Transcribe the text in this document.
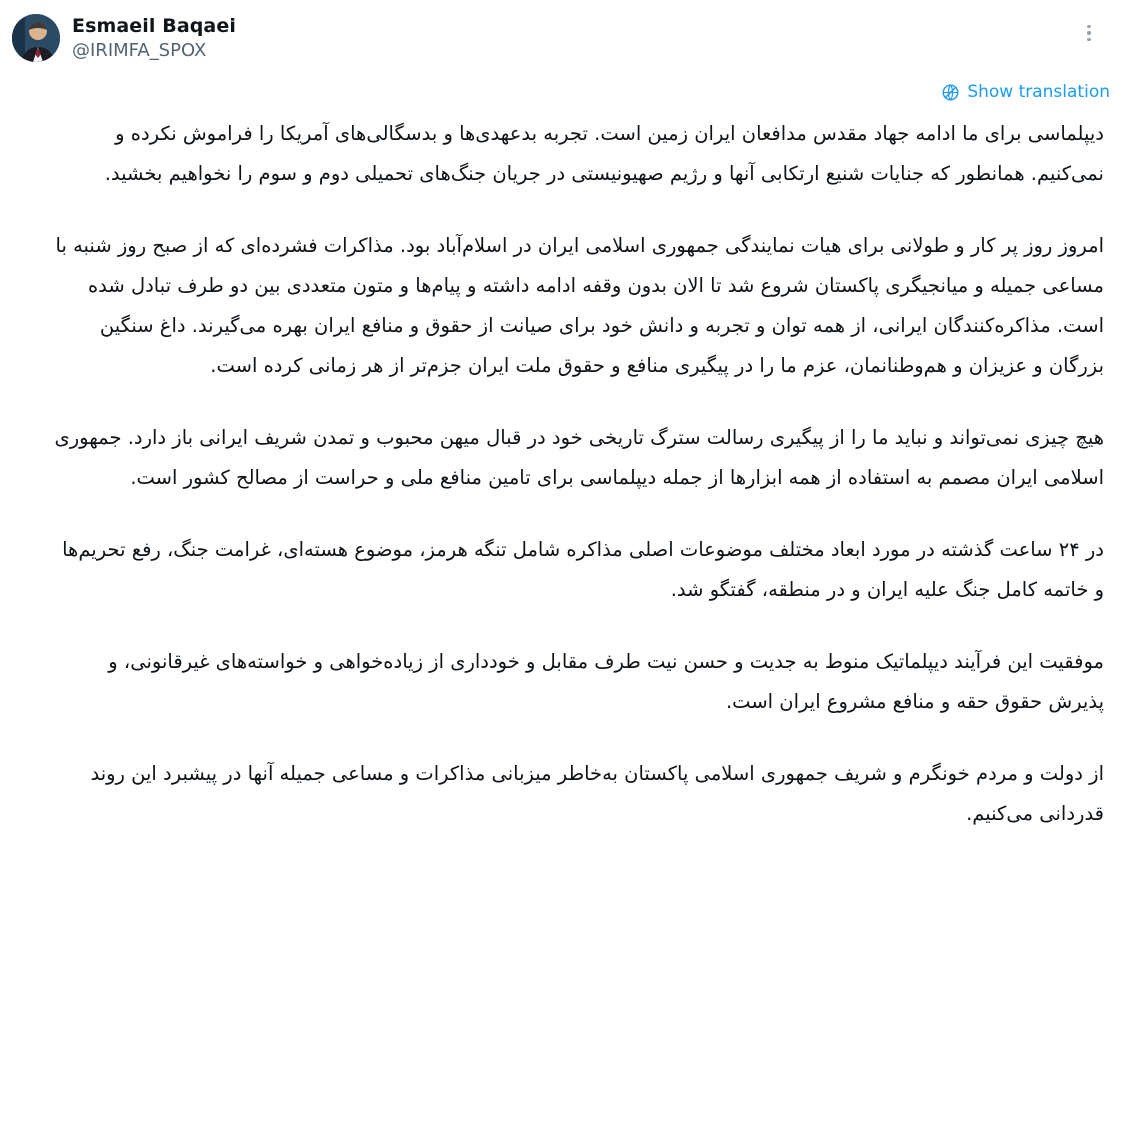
Esmaeil Baqaei
@IRIMFA_SPOX
Show translation

دیپلماسی برای ما ادامه جهاد مقدس مدافعان ایران زمین است. تجربه بدعهدی‌ها و بدسگالی‌های آمریکا را فراموش نکرده و نمی‌کنیم. همانطور که جنایات شنیع ارتکابی آنها و رژیم صهیونیستی در جریان جنگ‌های تحمیلی دوم و سوم را نخواهیم بخشید.

امروز روز پر کار و طولانی برای هیات نمایندگی جمهوری اسلامی ایران در اسلام‌آباد بود. مذاکرات فشرده‌ای که از صبح روز شنبه با مساعی جمیله و میانجیگری پاکستان شروع شد تا الان بدون وقفه ادامه داشته و پیام‌ها و متون متعددی بین دو طرف تبادل شده است. مذاکره‌کنندگان ایرانی، از همه توان و تجربه و دانش خود برای صیانت از حقوق و منافع ایران بهره می‌گیرند. داغ سنگین بزرگان و عزیزان و هم‌وطنانمان، عزم ما را در پیگیری منافع و حقوق ملت ایران جزم‌تر از هر زمانی کرده است.

هیچ چیزی نمی‌تواند و نباید ما را از پیگیری رسالت سترگ تاریخی خود در قبال میهن محبوب و تمدن شریف ایرانی باز دارد. جمهوری اسلامی ایران مصمم به استفاده از همه ابزارها از جمله دیپلماسی برای تامین منافع ملی و حراست از مصالح کشور است.

در ۲۴ ساعت گذشته در مورد ابعاد مختلف موضوعات اصلی مذاکره شامل تنگه هرمز، موضوع هسته‌ای، غرامت جنگ، رفع تحریم‌ها و خاتمه کامل جنگ علیه ایران و در منطقه، گفتگو شد.

موفقیت این فرآیند دیپلماتیک منوط به جدیت و حسن نیت طرف مقابل و خودداری از زیاده‌خواهی و خواسته‌های غیرقانونی، و پذیرش حقوق حقه و منافع مشروع ایران است.

از دولت و مردم خونگرم و شریف جمهوری اسلامی پاکستان به‌خاطر میزبانی مذاکرات و مساعی جمیله آنها در پیشبرد این روند قدردانی می‌کنیم.
